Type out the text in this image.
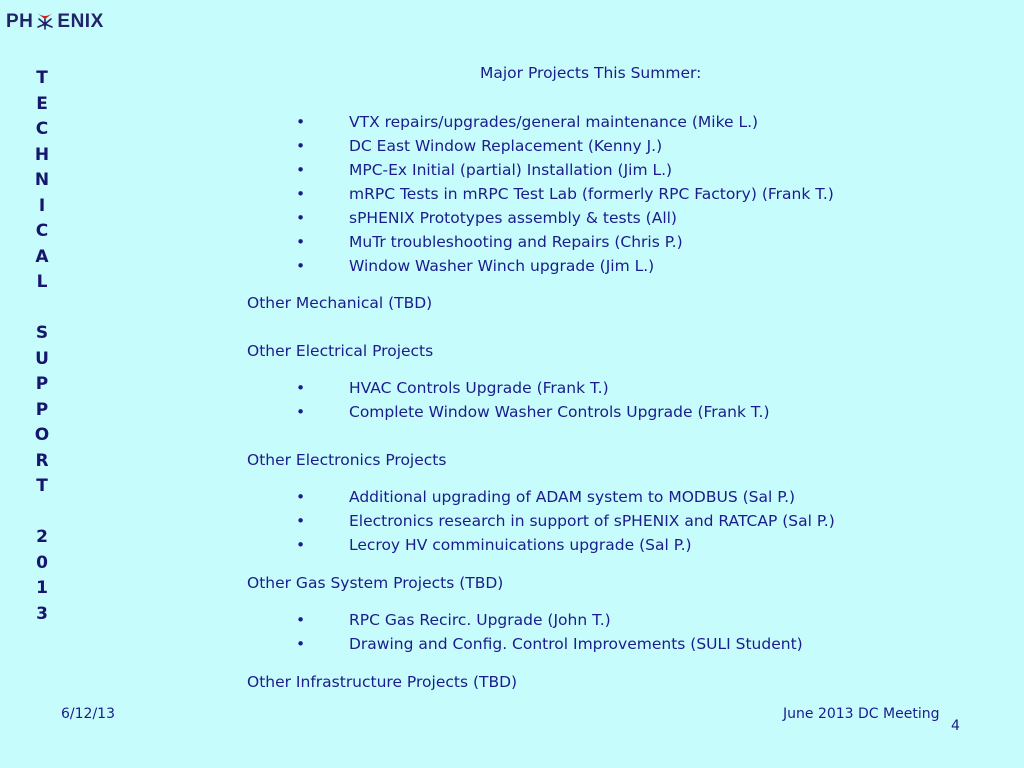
PH ENIX
T
E
C
H
N
I
C
A
L

S
U
P
P
O
R
T

2
0
1
3
Major Projects This Summer:
•	VTX repairs/upgrades/general maintenance (Mike L.)
•	DC East Window Replacement (Kenny J.)
•	MPC-Ex Initial (partial) Installation (Jim L.)
•	mRPC Tests in mRPC Test Lab (formerly RPC Factory) (Frank T.)
•	sPHENIX Prototypes assembly & tests (All)
•	MuTr troubleshooting and Repairs (Chris P.)
•	Window Washer Winch upgrade (Jim L.)
Other Mechanical (TBD)
Other Electrical Projects
•	HVAC Controls Upgrade (Frank T.)
•	Complete Window Washer Controls Upgrade (Frank T.)
Other Electronics Projects
•	Additional upgrading of ADAM system to MODBUS (Sal P.)
•	Electronics research in support of sPHENIX and RATCAP (Sal P.)
•	Lecroy HV comminuications upgrade (Sal P.)
Other Gas System Projects (TBD)
•	RPC Gas Recirc. Upgrade (John T.)
•	Drawing and Config. Control Improvements (SULI Student)
Other Infrastructure Projects (TBD)
6/12/13	June 2013 DC Meeting
4
